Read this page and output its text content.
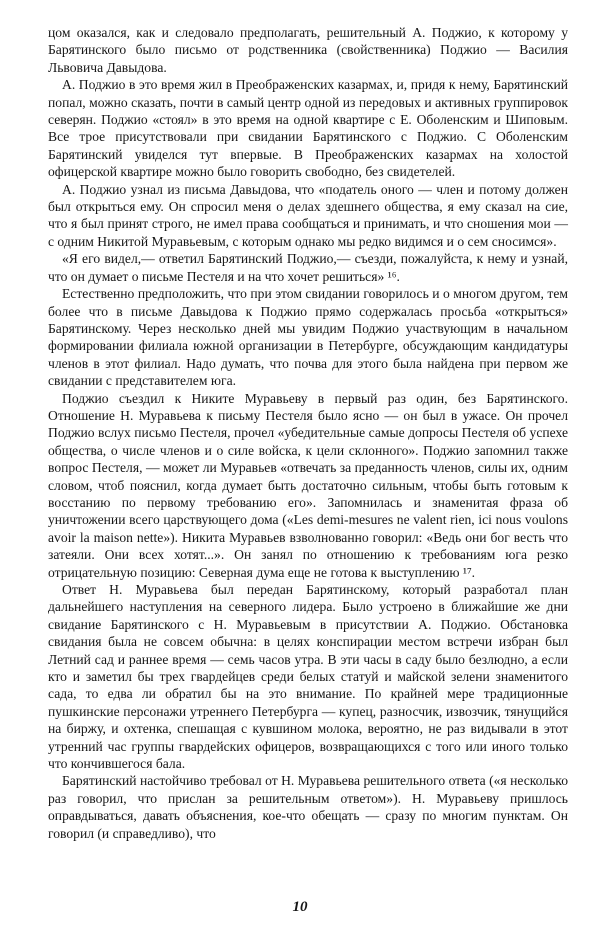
цом оказался, как и следовало предполагать, решительный А. Поджио, к которому у Барятинского было письмо от родственника (свойственника) Поджио — Василия Львовича Давыдова.

А. Поджио в это время жил в Преображенских казармах, и, придя к нему, Барятинский попал, можно сказать, почти в самый центр одной из передовых и активных группировок северян. Поджио «стоял» в это время на одной квартире с Е. Оболенским и Шиповым. Все трое присутствовали при свидании Барятинского с Поджио. С Оболенским Барятинский увиделся тут впервые. В Преображенских казармах на холостой офицерской квартире можно было говорить свободно, без свидетелей.

А. Поджио узнал из письма Давыдова, что «податель оного — член и потому должен был открыться ему. Он спросил меня о делах здешнего общества, я ему сказал на сие, что я был принят строго, не имел права сообщаться и принимать, и что сношения мои — с одним Никитой Муравьевым, с которым однако мы редко видимся и о сем сносимся».

«Я его видел,— ответил Барятинский Поджио,— съезди, пожалуйста, к нему и узнай, что он думает о письме Пестеля и на что хочет решиться» ¹⁶.

Естественно предположить, что при этом свидании говорилось и о многом другом, тем более что в письме Давыдова к Поджио прямо содержалась просьба «открыться» Барятинскому. Через несколько дней мы увидим Поджио участвующим в начальном формировании филиала южной организации в Петербурге, обсуждающим кандидатуры членов в этот филиал. Надо думать, что почва для этого была найдена при первом же свидании с представителем юга.

Поджио съездил к Никите Муравьеву в первый раз один, без Барятинского. Отношение Н. Муравьева к письму Пестеля было ясно — он был в ужасе. Он прочел Поджио вслух письмо Пестеля, прочел «убедительные самые допросы Пестеля об успехе общества, о числе членов и о силе войска, к цели склонного». Поджио запомнил также вопрос Пестеля, — может ли Муравьев «отвечать за преданность членов, силы их, одним словом, чтоб пояснил, когда думает быть достаточно сильным, чтобы быть готовым к восстанию по первому требованию его». Запомнилась и знаменитая фраза об уничтожении всего царствующего дома («Les demi-mesures ne valent rien, ici nous voulons avoir la maison nette»). Никита Муравьев взволнованно говорил: «Ведь они бог весть что затеяли. Они всех хотят...». Он занял по отношению к требованиям юга резко отрицательную позицию: Северная дума еще не готова к выступлению ¹⁷.

Ответ Н. Муравьева был передан Барятинскому, который разработал план дальнейшего наступления на северного лидера. Было устроено в ближайшие же дни свидание Барятинского с Н. Муравьевым в присутствии А. Поджио. Обстановка свидания была не совсем обычна: в целях конспирации местом встречи избран был Летний сад и раннее время — семь часов утра. В эти часы в саду было безлюдно, а если кто и заметил бы трех гвардейцев среди белых статуй и майской зелени знаменитого сада, то едва ли обратил бы на это внимание. По крайней мере традиционные пушкинские персонажи утреннего Петербурга — купец, разносчик, извозчик, тянущийся на биржу, и охтенка, спешащая с кувшином молока, вероятно, не раз видывали в этот утренний час группы гвардейских офицеров, возвращающихся с того или иного только что кончившегося бала.

Барятинский настойчиво требовал от Н. Муравьева решительного ответа («я несколько раз говорил, что прислан за решительным ответом»). Н. Муравьеву пришлось оправдываться, давать объяснения, кое-что обещать — сразу по многим пунктам. Он говорил (и справедливо), что

10
